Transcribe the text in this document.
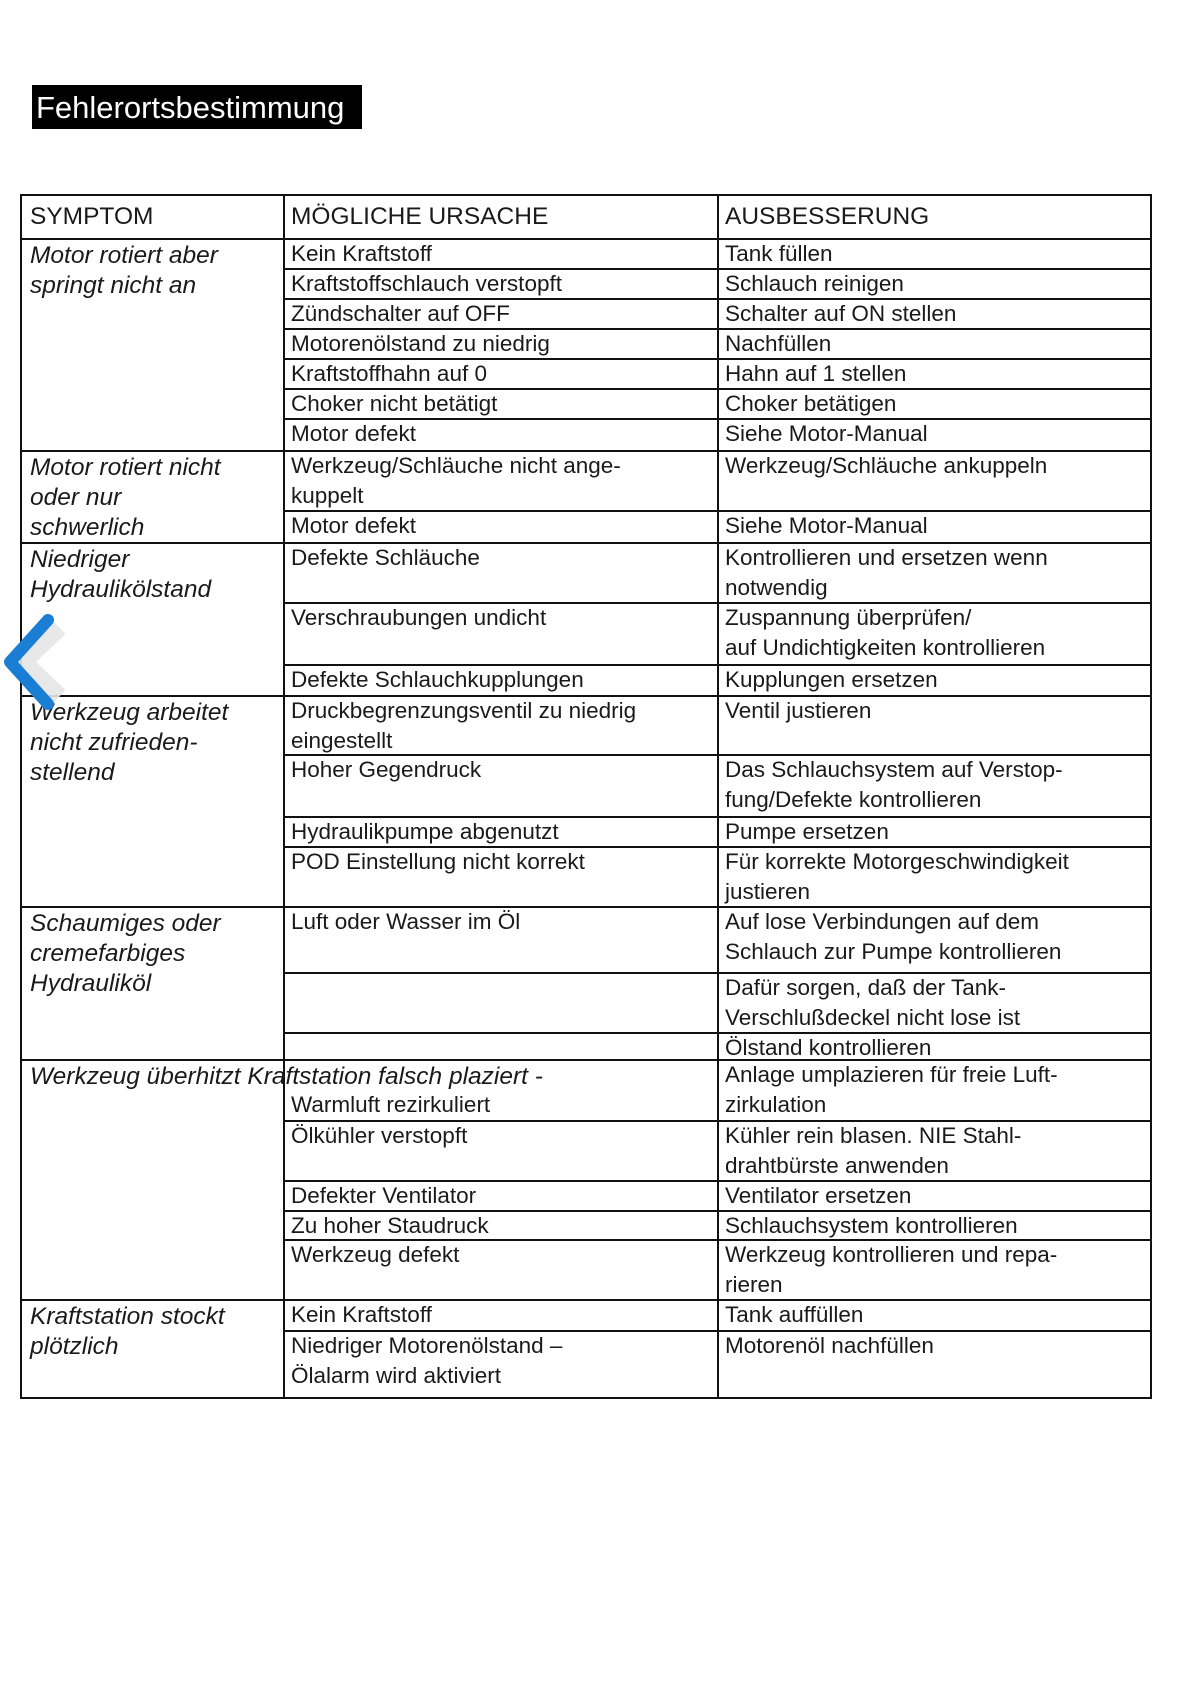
Fehlerortsbestimmung
SYMPTOM	MÖGLICHE URSACHE	AUSBESSERUNG
Motor rotiert aber
springt nicht an
Motor rotiert nicht
oder nur
schwerlich
Niedriger
Hydraulikölstand
Werkzeug arbeitet
nicht zufrieden-
stellend
Schaumiges oder
cremefarbiges
Hydrauliköl
Werkzeug überhitzt Kraftstation falsch plaziert -
Kraftstation stockt
plötzlich
Kein Kraftstoff
Kraftstoffschlauch verstopft
Zündschalter auf OFF
Motorenölstand zu niedrig
Kraftstoffhahn auf 0
Choker nicht betätigt
Motor defekt
Werkzeug/Schläuche nicht ange-
kuppelt
Motor defekt
Defekte Schläuche
Verschraubungen undicht
Defekte Schlauchkupplungen
Druckbegrenzungsventil zu niedrig
eingestellt
Hoher Gegendruck
Hydraulikpumpe abgenutzt
POD Einstellung nicht korrekt
Luft oder Wasser im Öl
Warmluft rezirkuliert
Ölkühler verstopft
Defekter Ventilator
Zu hoher Staudruck
Werkzeug defekt
Kein Kraftstoff
Niedriger Motorenölstand –
Ölalarm wird aktiviert
Tank füllen
Schlauch reinigen
Schalter auf ON stellen
Nachfüllen
Hahn auf 1 stellen
Choker betätigen
Siehe Motor-Manual
Werkzeug/Schläuche ankuppeln
Siehe Motor-Manual
Kontrollieren und ersetzen wenn
notwendig
Zuspannung überprüfen/
auf Undichtigkeiten kontrollieren
Kupplungen ersetzen
Ventil justieren
Das Schlauchsystem auf Verstop-
fung/Defekte kontrollieren
Pumpe ersetzen
Für korrekte Motorgeschwindigkeit
justieren
Auf lose Verbindungen auf dem
Schlauch zur Pumpe kontrollieren
Dafür sorgen, daß der Tank-
Verschlußdeckel nicht lose ist
Ölstand kontrollieren
Anlage umplazieren für freie Luft-
zirkulation
Kühler rein blasen. NIE Stahl-
drahtbürste anwenden
Ventilator ersetzen
Schlauchsystem kontrollieren
Werkzeug kontrollieren und repa-
rieren
Tank auffüllen
Motorenöl nachfüllen
